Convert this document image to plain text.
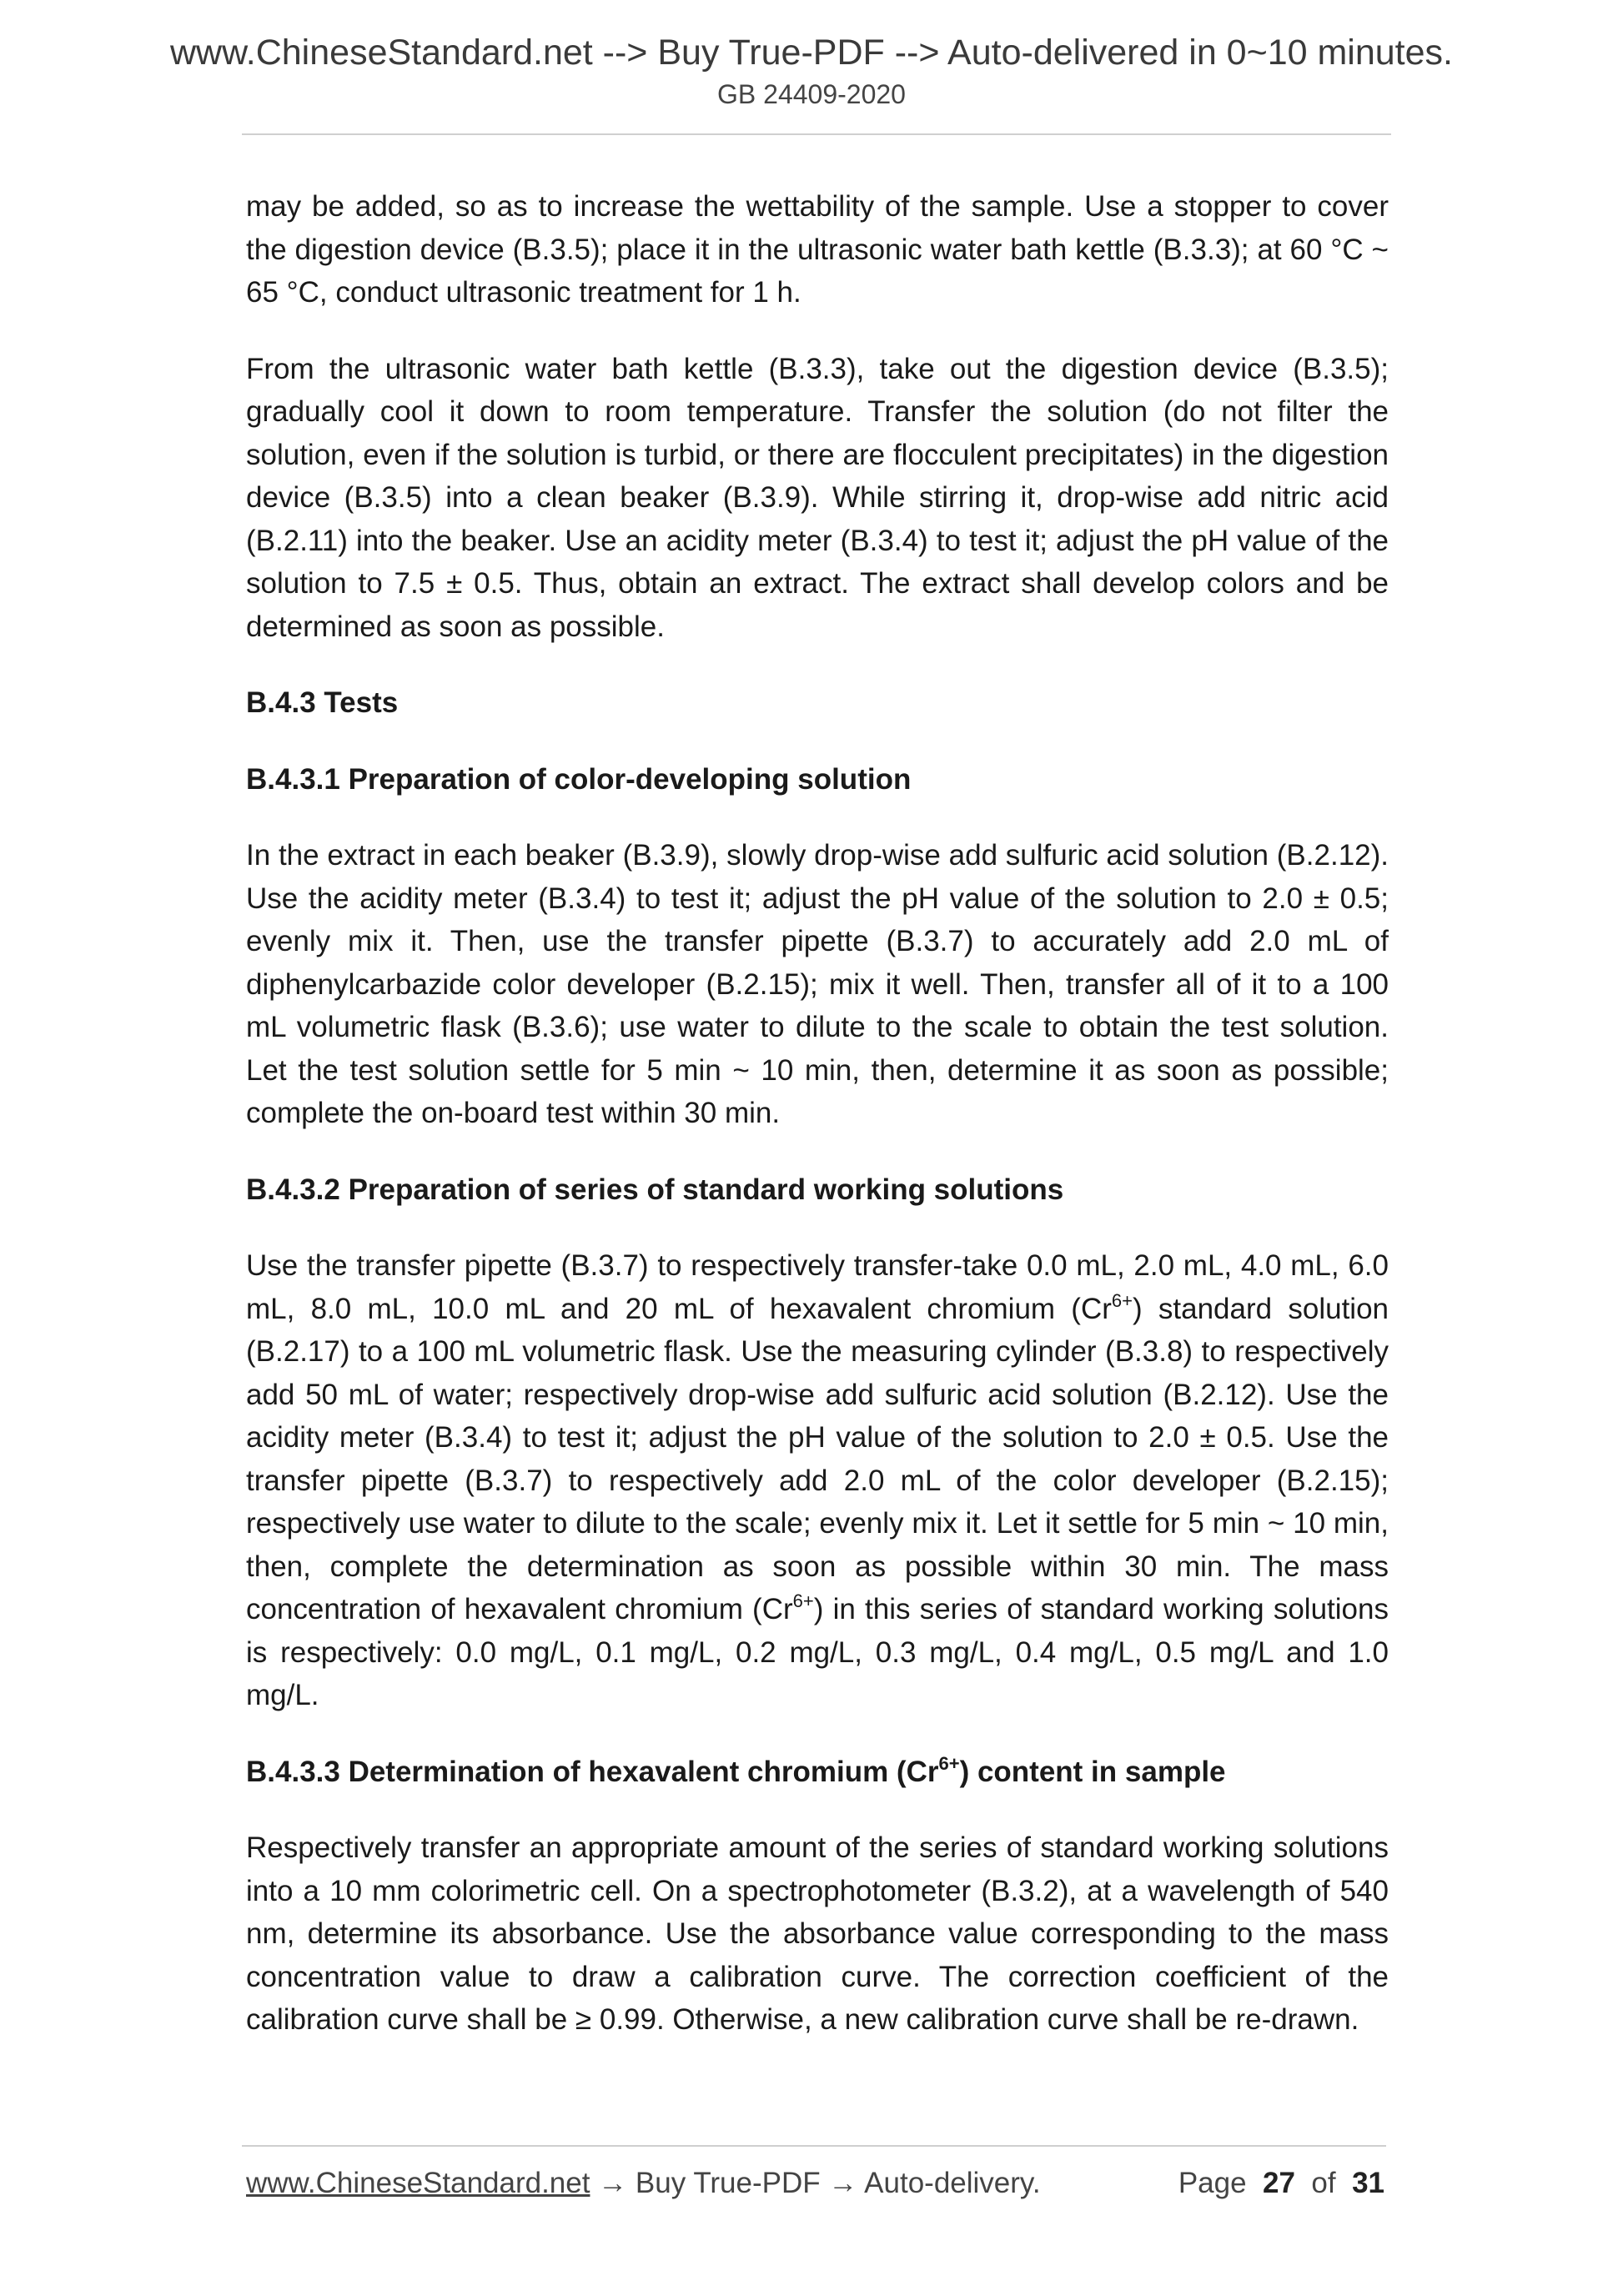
www.ChineseStandard.net --> Buy True-PDF --> Auto-delivered in 0~10 minutes.
GB 24409-2020

may be added, so as to increase the wettability of the sample. Use a stopper to cover the digestion device (B.3.5); place it in the ultrasonic water bath kettle (B.3.3); at 60 °C ~ 65 °C, conduct ultrasonic treatment for 1 h.

From the ultrasonic water bath kettle (B.3.3), take out the digestion device (B.3.5); gradually cool it down to room temperature. Transfer the solution (do not filter the solution, even if the solution is turbid, or there are flocculent precipitates) in the digestion device (B.3.5) into a clean beaker (B.3.9). While stirring it, drop-wise add nitric acid (B.2.11) into the beaker. Use an acidity meter (B.3.4) to test it; adjust the pH value of the solution to 7.5 ± 0.5. Thus, obtain an extract. The extract shall develop colors and be determined as soon as possible.

B.4.3 Tests
B.4.3.1 Preparation of color-developing solution

In the extract in each beaker (B.3.9), slowly drop-wise add sulfuric acid solution (B.2.12). Use the acidity meter (B.3.4) to test it; adjust the pH value of the solution to 2.0 ± 0.5; evenly mix it. Then, use the transfer pipette (B.3.7) to accurately add 2.0 mL of diphenylcarbazide color developer (B.2.15); mix it well. Then, transfer all of it to a 100 mL volumetric flask (B.3.6); use water to dilute to the scale to obtain the test solution. Let the test solution settle for 5 min ~ 10 min, then, determine it as soon as possible; complete the on-board test within 30 min.

B.4.3.2 Preparation of series of standard working solutions

Use the transfer pipette (B.3.7) to respectively transfer-take 0.0 mL, 2.0 mL, 4.0 mL, 6.0 mL, 8.0 mL, 10.0 mL and 20 mL of hexavalent chromium $(Cr^{6+})$ standard solution (B.2.17) to a 100 mL volumetric flask. Use the measuring cylinder (B.3.8) to respectively add 50 mL of water; respectively drop-wise add sulfuric acid solution (B.2.12). Use the acidity meter (B.3.4) to test it; adjust the pH value of the solution to 2.0 ± 0.5. Use the transfer pipette (B.3.7) to respectively add 2.0 mL of the color developer (B.2.15); respectively use water to dilute to the scale; evenly mix it. Let it settle for 5 min ~ 10 min, then, complete the determination as soon as possible within 30 min. The mass concentration of hexavalent chromium $(Cr^{6+})$ in this series of standard working solutions is respectively: 0.0 mg/L, 0.1 mg/L, 0.2 mg/L, 0.3 mg/L, 0.4 mg/L, 0.5 mg/L and 1.0 mg/L.

B.4.3.3 Determination of hexavalent chromium $(Cr^{6+})$ content in sample

Respectively transfer an appropriate amount of the series of standard working solutions into a 10 mm colorimetric cell. On a spectrophotometer (B.3.2), at a wavelength of 540 nm, determine its absorbance. Use the absorbance value corresponding to the mass concentration value to draw a calibration curve. The correction coefficient of the calibration curve shall be ≥ 0.99. Otherwise, a new calibration curve shall be re-drawn.

www.ChineseStandard.net → Buy True-PDF → Auto-delivery.	Page 27 of 31
